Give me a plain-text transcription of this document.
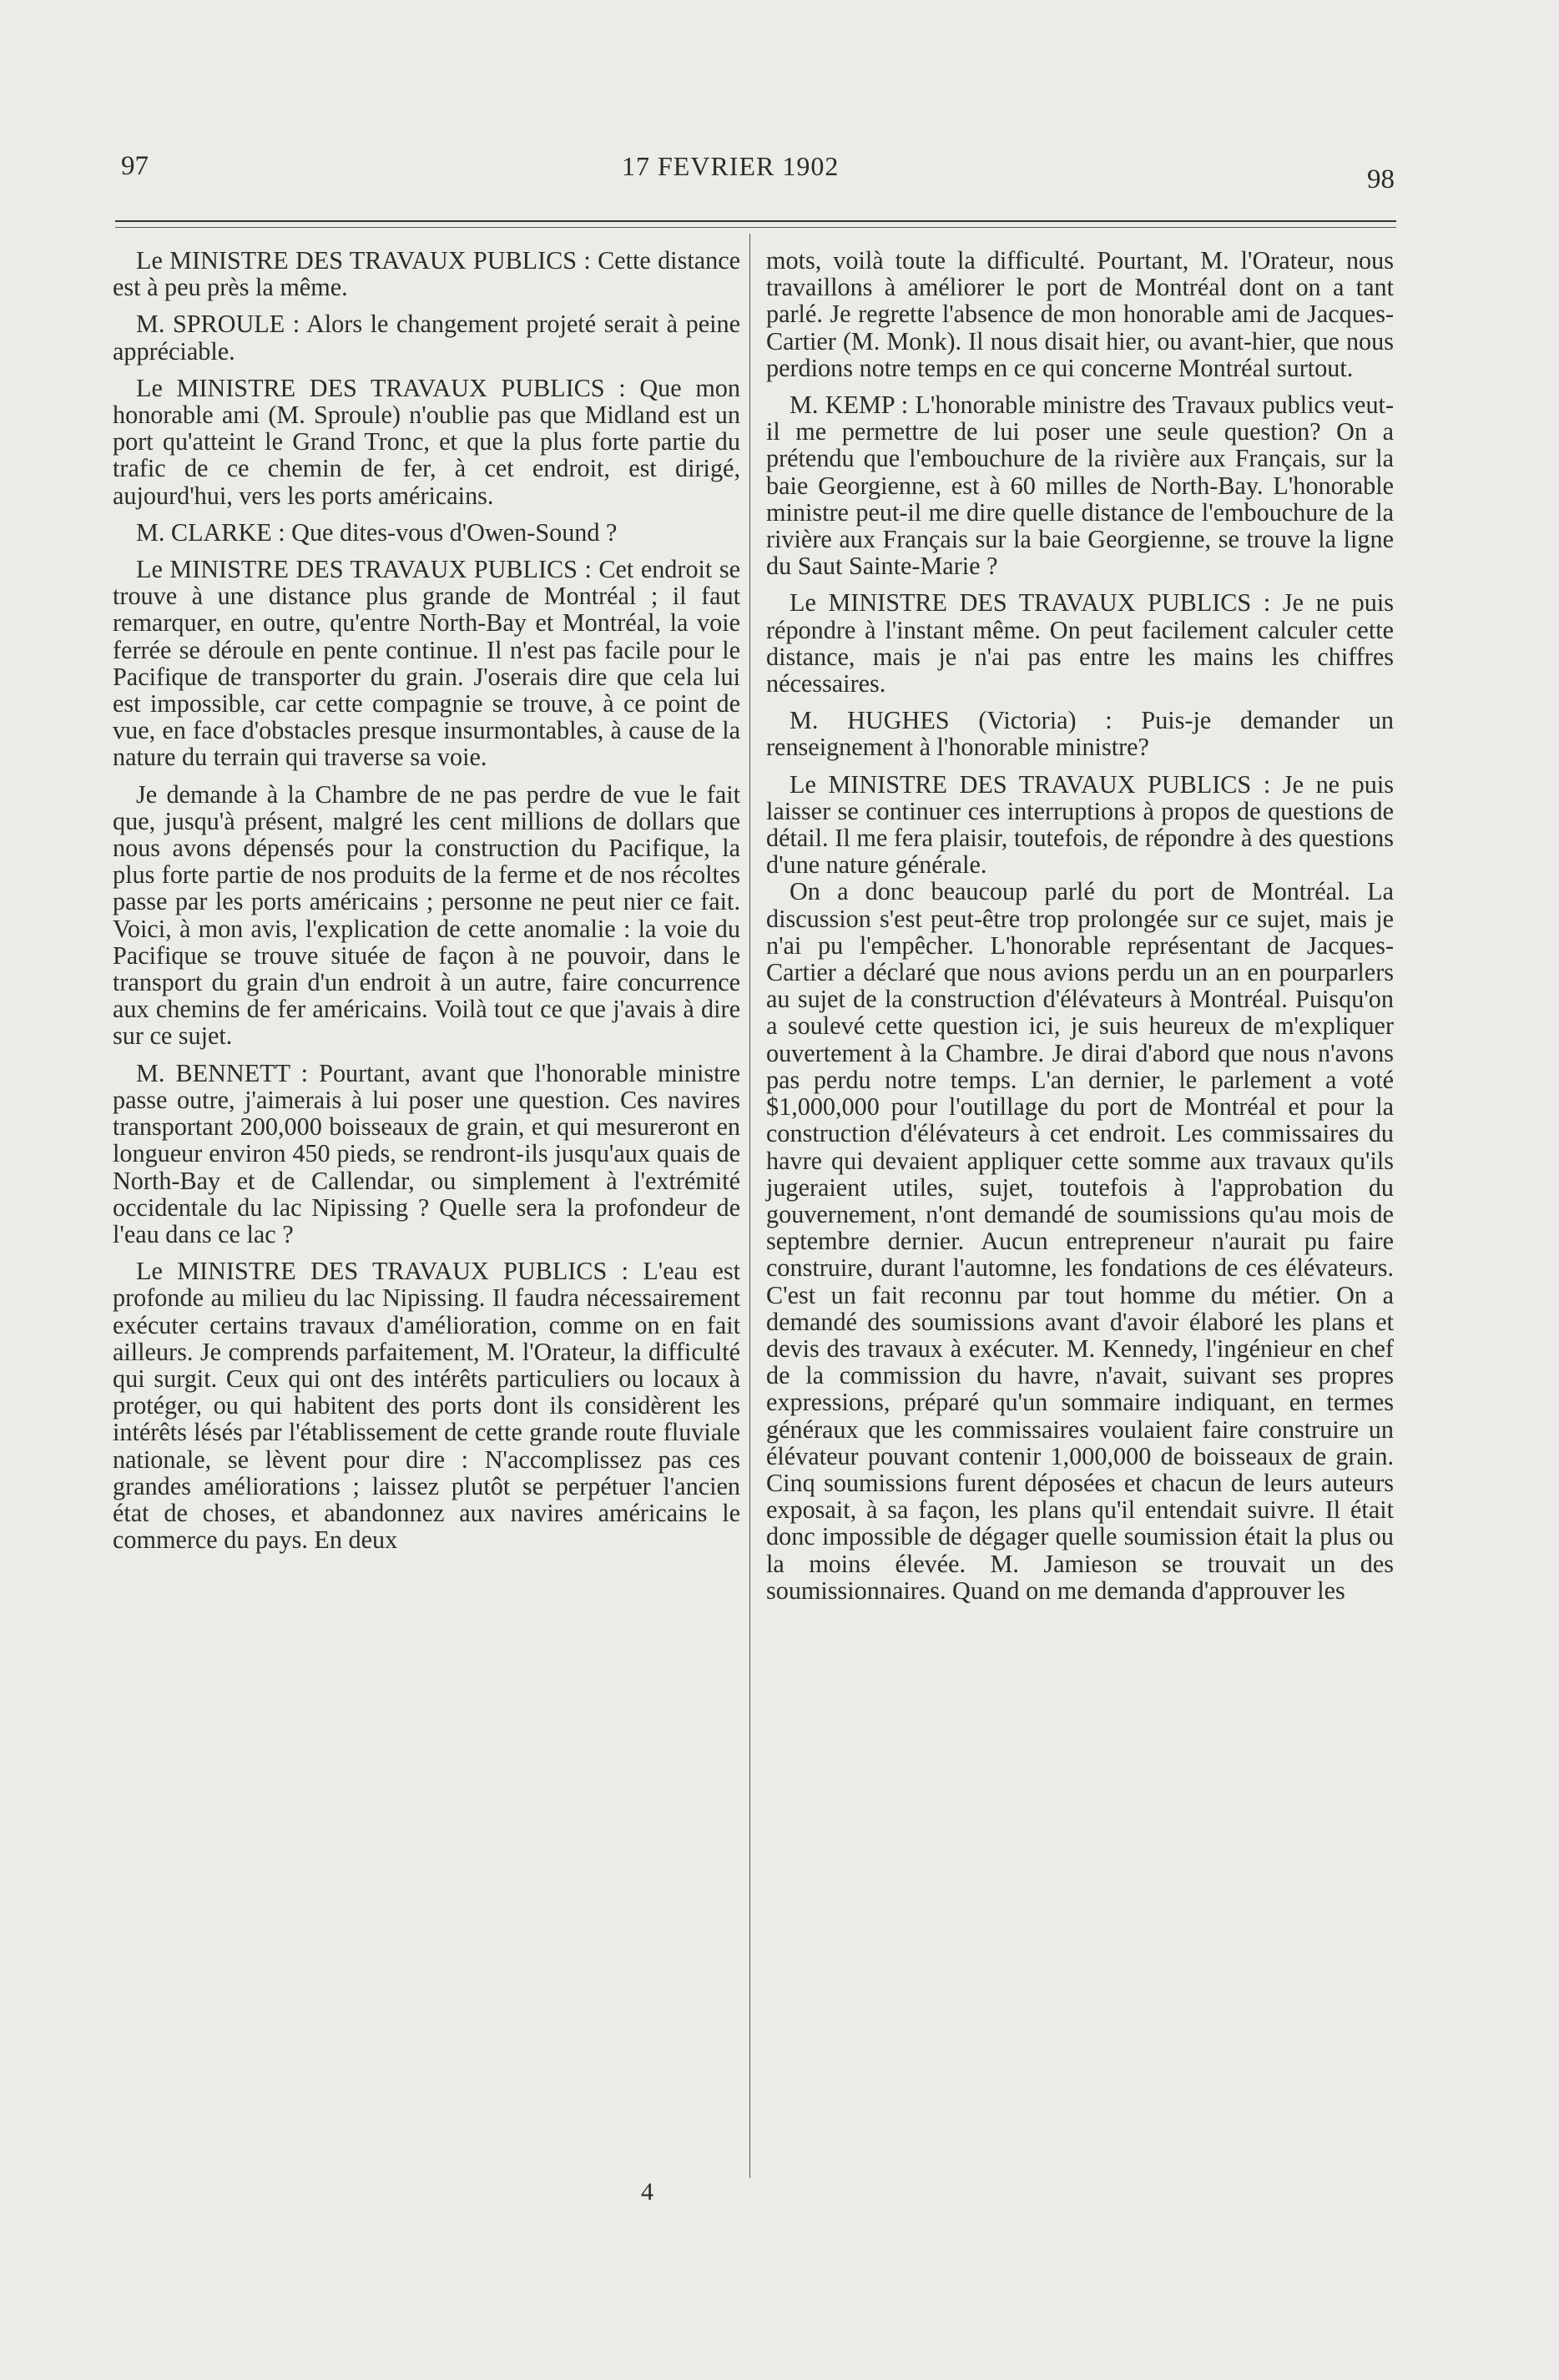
97	17 FEVRIER 1902	98

Le MINISTRE DES TRAVAUX PUBLICS : Cette distance est à peu près la même.

M. SPROULE : Alors le changement projeté serait à peine appréciable.

Le MINISTRE DES TRAVAUX PUBLICS : Que mon honorable ami (M. Sproule) n'oublie pas que Midland est un port qu'atteint le Grand Tronc, et que la plus forte partie du trafic de ce chemin de fer, à cet endroit, est dirigé, aujourd'hui, vers les ports américains.

M. CLARKE : Que dites-vous d'Owen-Sound ?

Le MINISTRE DES TRAVAUX PUBLICS : Cet endroit se trouve à une distance plus grande de Montréal ; il faut remarquer, en outre, qu'entre North-Bay et Montréal, la voie ferrée se déroule en pente continue. Il n'est pas facile pour le Pacifique de transporter du grain. J'oserais dire que cela lui est impossible, car cette compagnie se trouve, à ce point de vue, en face d'obstacles presque insurmontables, à cause de la nature du terrain qui traverse sa voie.

Je demande à la Chambre de ne pas perdre de vue le fait que, jusqu'à présent, malgré les cent millions de dollars que nous avons dépensés pour la construction du Pacifique, la plus forte partie de nos produits de la ferme et de nos récoltes passe par les ports américains ; personne ne peut nier ce fait. Voici, à mon avis, l'explication de cette anomalie : la voie du Pacifique se trouve située de façon à ne pouvoir, dans le transport du grain d'un endroit à un autre, faire concurrence aux chemins de fer américains. Voilà tout ce que j'avais à dire sur ce sujet.

M. BENNETT : Pourtant, avant que l'honorable ministre passe outre, j'aimerais à lui poser une question. Ces navires transportant 200,000 boisseaux de grain, et qui mesureront en longueur environ 450 pieds, se rendront-ils jusqu'aux quais de North-Bay et de Callendar, ou simplement à l'extrémité occidentale du lac Nipissing ? Quelle sera la profondeur de l'eau dans ce lac ?

Le MINISTRE DES TRAVAUX PUBLICS : L'eau est profonde au milieu du lac Nipissing. Il faudra nécessairement exécuter certains travaux d'amélioration, comme on en fait ailleurs. Je comprends parfaitement, M. l'Orateur, la difficulté qui surgit. Ceux qui ont des intérêts particuliers ou locaux à protéger, ou qui habitent des ports dont ils considèrent les intérêts lésés par l'établissement de cette grande route fluviale nationale, se lèvent pour dire : N'accomplissez pas ces grandes améliorations ; laissez plutôt se perpétuer l'ancien état de choses, et abandonnez aux navires américains le commerce du pays. En deux

mots, voilà toute la difficulté. Pourtant, M. l'Orateur, nous travaillons à améliorer le port de Montréal dont on a tant parlé. Je regrette l'absence de mon honorable ami de Jacques-Cartier (M. Monk). Il nous disait hier, ou avant-hier, que nous perdions notre temps en ce qui concerne Montréal surtout.

M. KEMP : L'honorable ministre des Travaux publics veut-il me permettre de lui poser une seule question? On a prétendu que l'embouchure de la rivière aux Français, sur la baie Georgienne, est à 60 milles de North-Bay. L'honorable ministre peut-il me dire quelle distance de l'embouchure de la rivière aux Français sur la baie Georgienne, se trouve la ligne du Saut Sainte-Marie ?

Le MINISTRE DES TRAVAUX PUBLICS : Je ne puis répondre à l'instant même. On peut facilement calculer cette distance, mais je n'ai pas entre les mains les chiffres nécessaires.

M. HUGHES (Victoria) : Puis-je demander un renseignement à l'honorable ministre?

Le MINISTRE DES TRAVAUX PUBLICS : Je ne puis laisser se continuer ces interruptions à propos de questions de détail. Il me fera plaisir, toutefois, de répondre à des questions d'une nature générale.

On a donc beaucoup parlé du port de Montréal. La discussion s'est peut-être trop prolongée sur ce sujet, mais je n'ai pu l'empêcher. L'honorable représentant de Jacques-Cartier a déclaré que nous avions perdu un an en pourparlers au sujet de la construction d'élévateurs à Montréal. Puisqu'on a soulevé cette question ici, je suis heureux de m'expliquer ouvertement à la Chambre. Je dirai d'abord que nous n'avons pas perdu notre temps. L'an dernier, le parlement a voté $1,000,000 pour l'outillage du port de Montréal et pour la construction d'élévateurs à cet endroit. Les commissaires du havre qui devaient appliquer cette somme aux travaux qu'ils jugeraient utiles, sujet, toutefois à l'approbation du gouvernement, n'ont demandé de soumissions qu'au mois de septembre dernier. Aucun entrepreneur n'aurait pu faire construire, durant l'automne, les fondations de ces élévateurs. C'est un fait reconnu par tout homme du métier. On a demandé des soumissions avant d'avoir élaboré les plans et devis des travaux à exécuter. M. Kennedy, l'ingénieur en chef de la commission du havre, n'avait, suivant ses propres expressions, préparé qu'un sommaire indiquant, en termes généraux que les commissaires voulaient faire construire un élévateur pouvant contenir 1,000,000 de boisseaux de grain. Cinq soumissions furent déposées et chacun de leurs auteurs exposait, à sa façon, les plans qu'il entendait suivre. Il était donc impossible de dégager quelle soumission était la plus ou la moins élevée. M. Jamieson se trouvait un des soumissionnaires. Quand on me demanda d'approuver les

4
